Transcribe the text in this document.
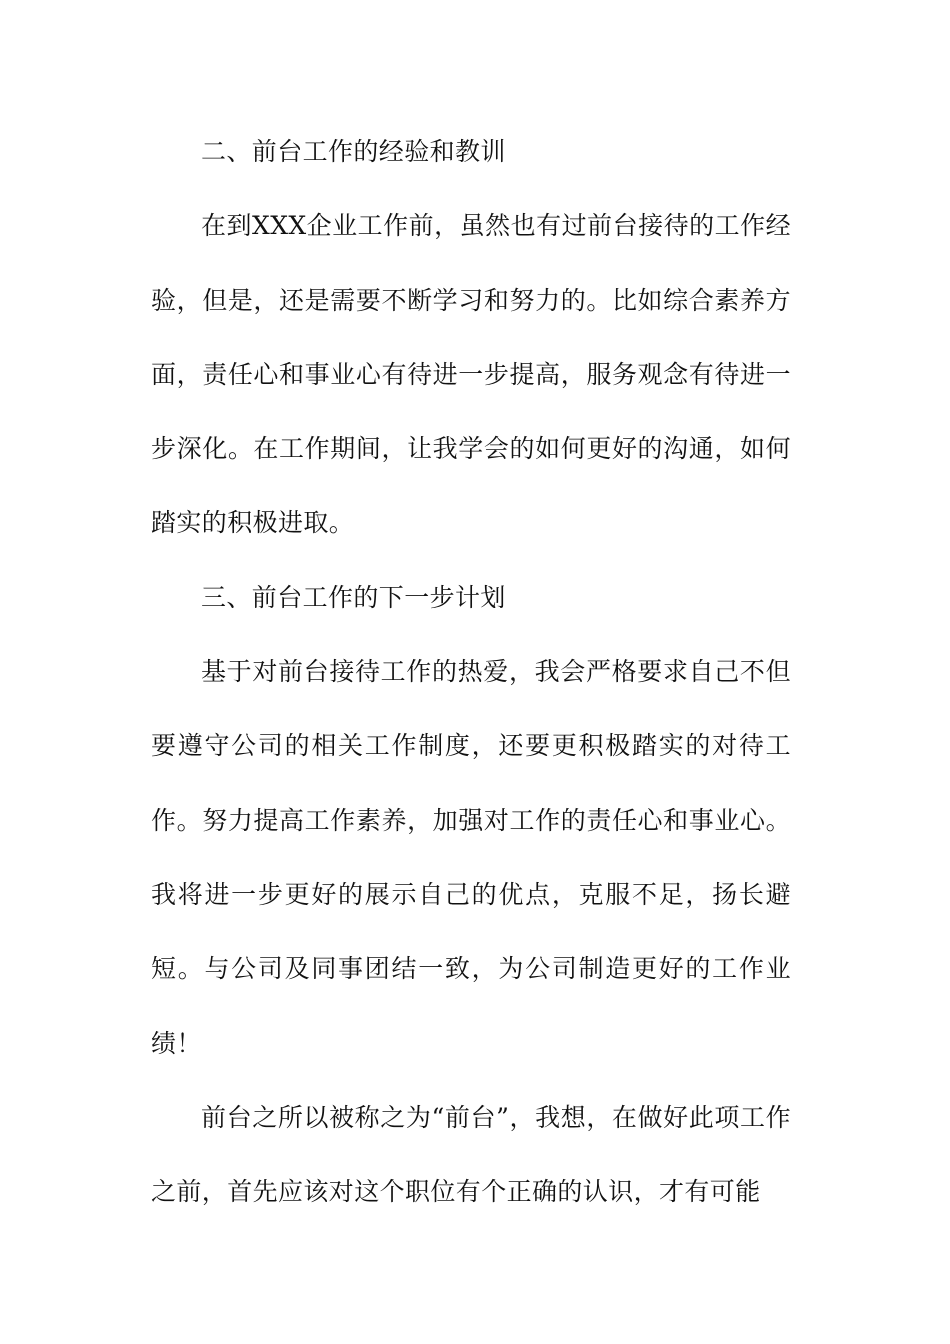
二、前台工作的经验和教训

在到XXX企业工作前，虽然也有过前台接待的工作经验，但是，还是需要不断学习和努力的。比如综合素养方面，责任心和事业心有待进一步提高，服务观念有待进一步深化。在工作期间，让我学会的如何更好的沟通，如何踏实的积极进取。

三、前台工作的下一步计划

基于对前台接待工作的热爱，我会严格要求自己不但要遵守公司的相关工作制度，还要更积极踏实的对待工作。努力提高工作素养，加强对工作的责任心和事业心。我将进一步更好的展示自己的优点，克服不足，扬长避短。与公司及同事团结一致，为公司制造更好的工作业绩！

前台之所以被称之为“前台”，我想，在做好此项工作之前，首先应该对这个职位有个正确的认识，才有可能
